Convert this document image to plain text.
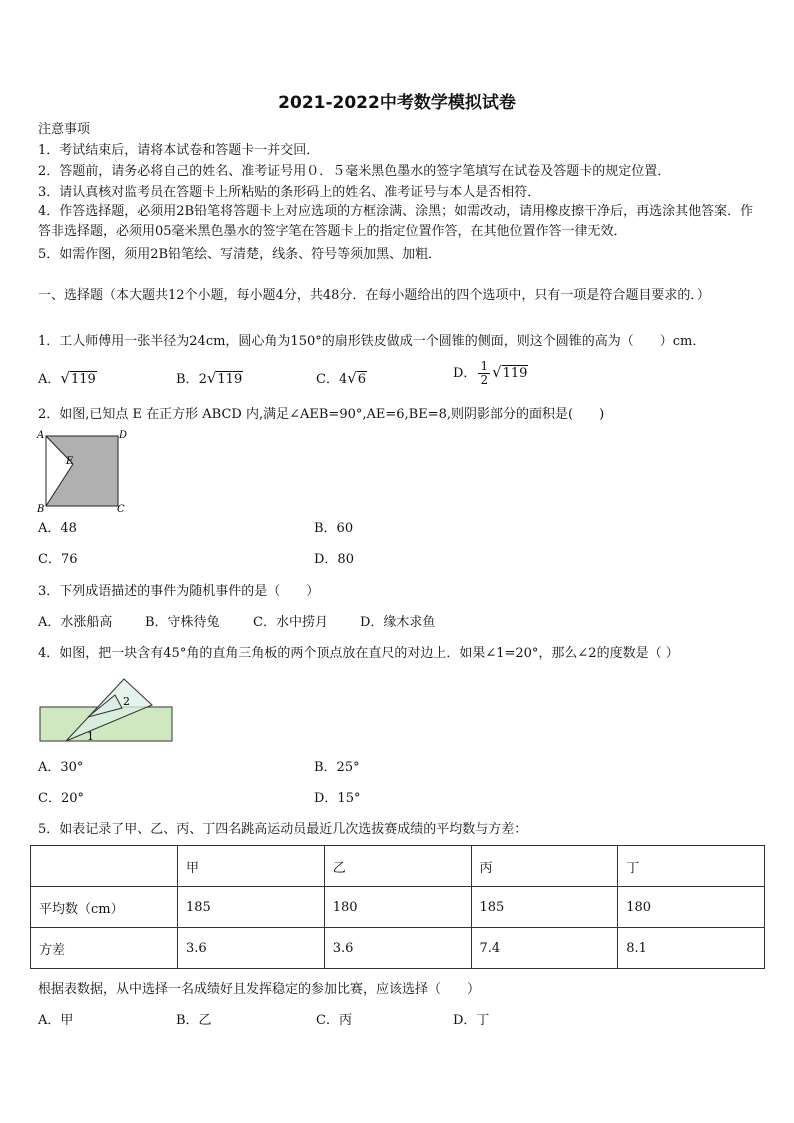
2021-2022中考数学模拟试卷
注意事项
1．考试结束后，请将本试卷和答题卡一并交回．
2．答题前，请务必将自己的姓名、准考证号用０．５毫米黑色墨水的签字笔填写在试卷及答题卡的规定位置．
3．请认真核对监考员在答题卡上所粘贴的条形码上的姓名、准考证号与本人是否相符．
4．作答选择题，必须用2B铅笔将答题卡上对应选项的方框涂满、涂黑；如需改动，请用橡皮擦干净后，再选涂其他答案．作答非选择题，必须用05毫米黑色墨水的签字笔在答题卡上的指定位置作答，在其他位置作答一律无效．
5．如需作图，须用2B铅笔绘、写清楚，线条、符号等须加黑、加粗．
一、选择题（本大题共12个小题，每小题4分，共48分．在每小题给出的四个选项中，只有一项是符合题目要求的．）
1．工人师傅用一张半径为24cm，圆心角为150°的扇形铁皮做成一个圆锥的侧面，则这个圆锥的高为（　　）cm．
A．√119	B．2√119	C．4√6	D． $\frac{1}{2} √119$
2．如图,已知点 E 在正方形 ABCD 内,满足∠AEB=90°,AE=6,BE=8,则阴影部分的面积是(　　)
A	D
B	C
E
A．48	B．60
C．76	D．80
3．下列成语描述的事件为随机事件的是（　　）
A．水涨船高	B．守株待兔	C．水中捞月 D．缘木求鱼
4．如图，把一块含有45°角的直角三角板的两个顶点放在直尺的对边上．如果∠1=20°，那么∠2的度数是（ ）
2
1
A．30°	B．25°
C．20°	D．15°
5．如表记录了甲、乙、丙、丁四名跳高运动员最近几次选拔赛成绩的平均数与方差：
	甲	乙	丙	丁
平均数（cm）	185	180	185	180
方差	3.6	3.6	7.4	8.1
根据表数据，从中选择一名成绩好且发挥稳定的参加比赛，应该选择（　　）
A．甲	B．乙	C．丙	D．丁
